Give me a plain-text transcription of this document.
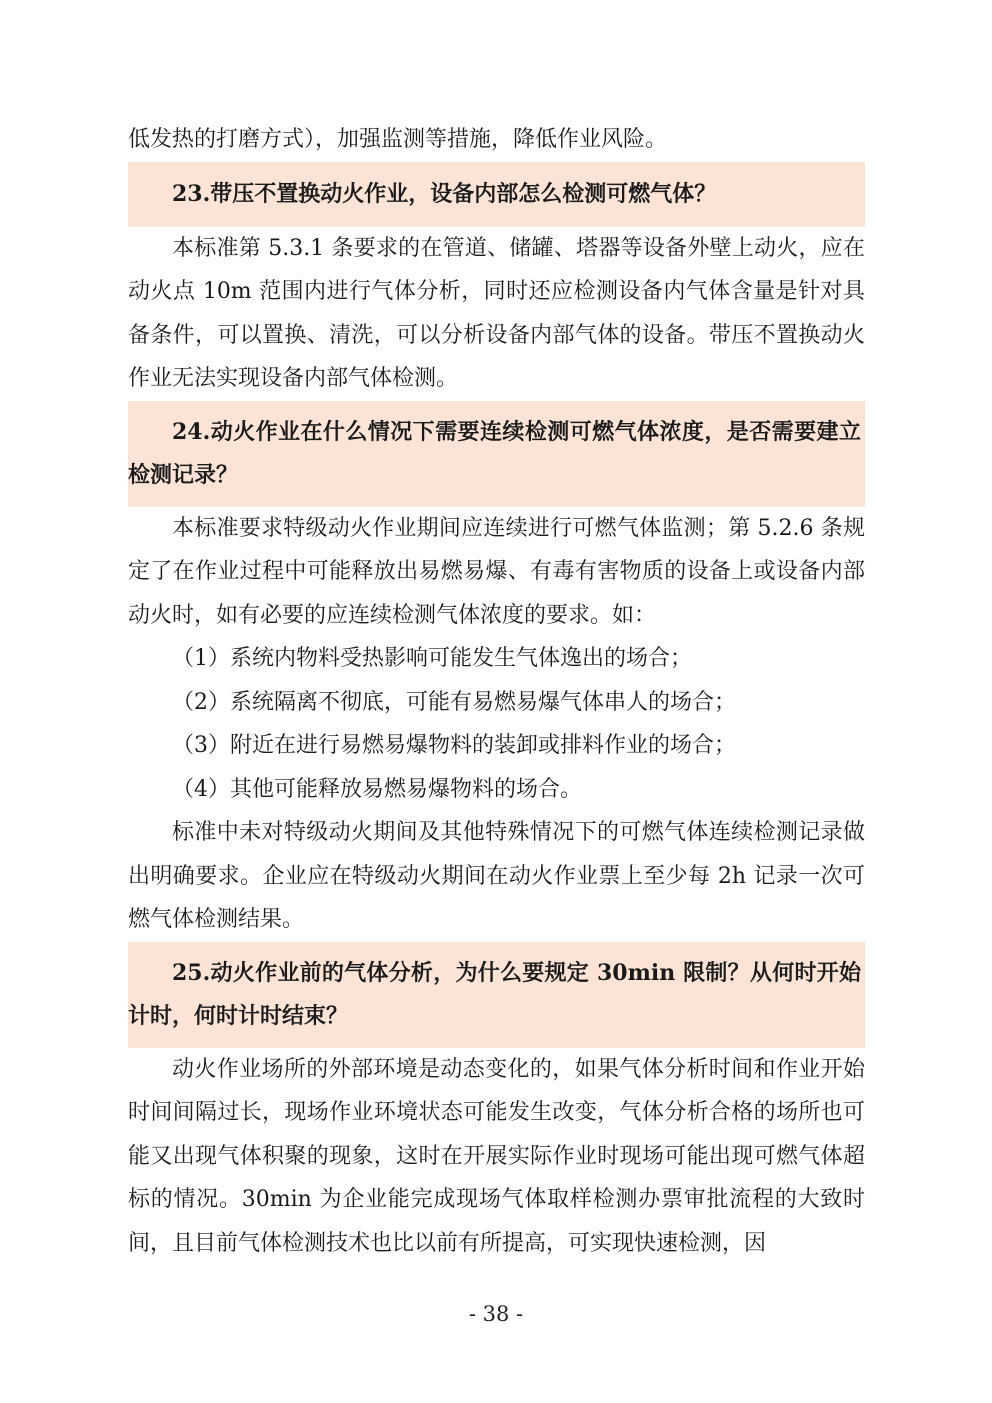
低发热的打磨方式），加强监测等措施，降低作业风险。

23.带压不置换动火作业，设备内部怎么检测可燃气体？

本标准第 5.3.1 条要求的在管道、储罐、塔器等设备外壁上动火，应在动火点 10m 范围内进行气体分析，同时还应检测设备内气体含量是针对具备条件，可以置换、清洗，可以分析设备内部气体的设备。带压不置换动火作业无法实现设备内部气体检测。

24.动火作业在什么情况下需要连续检测可燃气体浓度，是否需要建立检测记录？

本标准要求特级动火作业期间应连续进行可燃气体监测；第 5.2.6 条规定了在作业过程中可能释放出易燃易爆、有毒有害物质的设备上或设备内部动火时，如有必要的应连续检测气体浓度的要求。如：

（1）系统内物料受热影响可能发生气体逸出的场合；

（2）系统隔离不彻底，可能有易燃易爆气体串人的场合；

（3）附近在进行易燃易爆物料的装卸或排料作业的场合；

（4）其他可能释放易燃易爆物料的场合。

标准中未对特级动火期间及其他特殊情况下的可燃气体连续检测记录做出明确要求。企业应在特级动火期间在动火作业票上至少每 2h 记录一次可燃气体检测结果。

25.动火作业前的气体分析，为什么要规定 30min 限制？从何时开始计时，何时计时结束？

动火作业场所的外部环境是动态变化的，如果气体分析时间和作业开始时间间隔过长，现场作业环境状态可能发生改变，气体分析合格的场所也可能又出现气体积聚的现象，这时在开展实际作业时现场可能出现可燃气体超标的情况。30min 为企业能完成现场气体取样检测办票审批流程的大致时间，且目前气体检测技术也比以前有所提高，可实现快速检测，因

- 38 -
